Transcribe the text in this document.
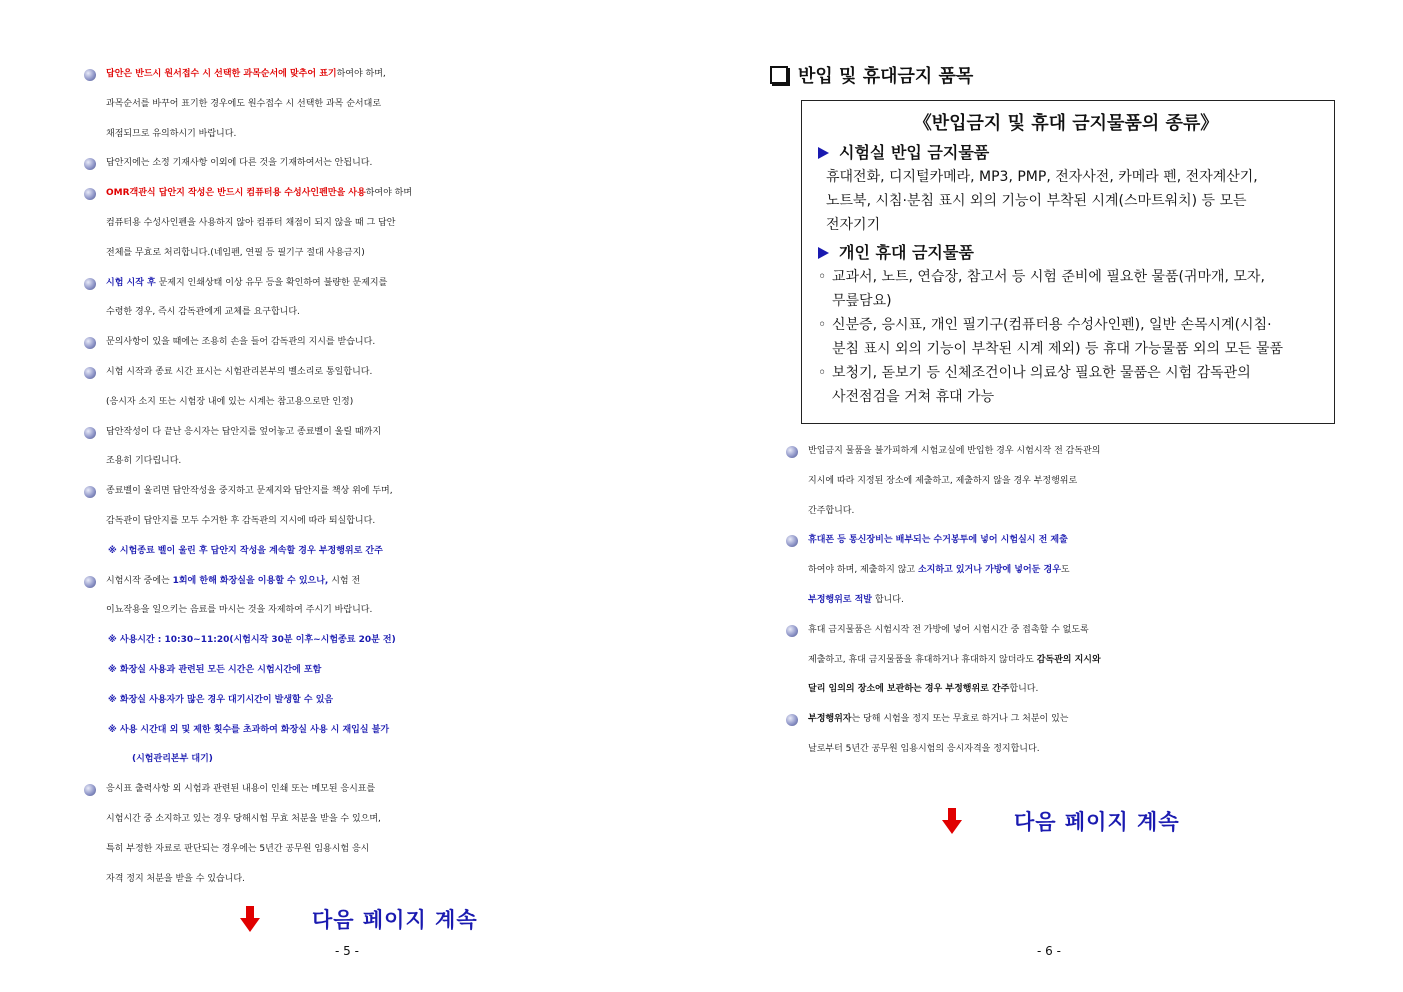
답안은 반드시 원서접수 시 선택한 과목순서에 맞추어 표기하여야 하며,
과목순서를 바꾸어 표기한 경우에도 원수접수 시 선택한 과목 순서대로
채점되므로 유의하시기 바랍니다.
답안지에는 소정 기재사항 이외에 다른 것을 기재하여서는 안됩니다.
OMR객관식 답안지 작성은 반드시 컴퓨터용 수성사인펜만을 사용하여야 하며
컴퓨터용 수성사인펜을 사용하지 않아 컴퓨터 채점이 되지 않을 때 그 답안
전체를 무효로 처리합니다.(네임펜, 연필 등 필기구 절대 사용금지)
시험 시작 후 문제지 인쇄상태 이상 유무 등을 확인하여 불량한 문제지를
수령한 경우, 즉시 감독관에게 교체를 요구합니다.
문의사항이 있을 때에는 조용히 손을 들어 감독관의 지시를 받습니다.
시험 시작과 종료 시간 표시는 시험관리본부의 벨소리로 통일합니다.
(응시자 소지 또는 시험장 내에 있는 시계는 참고용으로만 인정)
답안작성이 다 끝난 응시자는 답안지를 엎어놓고 종료벨이 울릴 때까지
조용히 기다립니다.
종료벨이 울리면 답안작성을 중지하고 문제지와 답안지를 책상 위에 두며,
감독관이 답안지를 모두 수거한 후 감독관의 지시에 따라 퇴실합니다.
※ 시험종료 벨이 울린 후 답안지 작성을 계속할 경우 부정행위로 간주
시험시작 중에는 1회에 한해 화장실을 이용할 수 있으나, 시험 전
이뇨작용을 일으키는 음료를 마시는 것을 자제하여 주시기 바랍니다.
※ 사용시간 : 10:30~11:20(시험시작 30분 이후~시험종료 20분 전)
※ 화장실 사용과 관련된 모든 시간은 시험시간에 포함
※ 화장실 사용자가 많은 경우 대기시간이 발생할 수 있음
※ 사용 시간대 외 및 제한 횟수를 초과하여 화장실 사용 시 재입실 불가
(시험관리본부 대기)
응시표 출력사항 외 시험과 관련된 내용이 인쇄 또는 메모된 응시표를
시험시간 중 소지하고 있는 경우 당해시험 무효 처분을 받을 수 있으며,
특히 부정한 자료로 판단되는 경우에는 5년간 공무원 임용시험 응시
자격 정지 처분을 받을 수 있습니다.
다음 페이지 계속
- 5 -
반입 및 휴대금지 품목
《반입금지 및 휴대 금지물품의 종류》
시험실 반입 금지물품
휴대전화, 디지털카메라, MP3, PMP, 전자사전, 카메라 펜, 전자계산기,
노트북, 시침·분침 표시 외의 기능이 부착된 시계(스마트워치) 등 모든
전자기기
개인 휴대 금지물품
◦ 교과서, 노트, 연습장, 참고서 등 시험 준비에 필요한 물품(귀마개, 모자,
무릎담요)
◦ 신분증, 응시표, 개인 필기구(컴퓨터용 수성사인펜), 일반 손목시계(시침·
분침 표시 외의 기능이 부착된 시계 제외) 등 휴대 가능물품 외의 모든 물품
◦ 보청기, 돋보기 등 신체조건이나 의료상 필요한 물품은 시험 감독관의
사전점검을 거쳐 휴대 가능
반입금지 물품을 불가피하게 시험교실에 반입한 경우 시험시작 전 감독관의
지시에 따라 지정된 장소에 제출하고, 제출하지 않을 경우 부정행위로
간주합니다.
휴대폰 등 통신장비는 배부되는 수거봉투에 넣어 시험실시 전 제출
하여야 하며, 제출하지 않고 소지하고 있거나 가방에 넣어둔 경우도
부정행위로 적발 합니다.
휴대 금지물품은 시험시작 전 가방에 넣어 시험시간 중 접촉할 수 없도록
제출하고, 휴대 금지물품을 휴대하거나 휴대하지 않더라도 감독관의 지시와
달리 임의의 장소에 보관하는 경우 부정행위로 간주합니다.
부정행위자는 당해 시험을 정지 또는 무효로 하거나 그 처분이 있는
날로부터 5년간 공무원 임용시험의 응시자격을 정지합니다.
다음 페이지 계속
- 6 -
